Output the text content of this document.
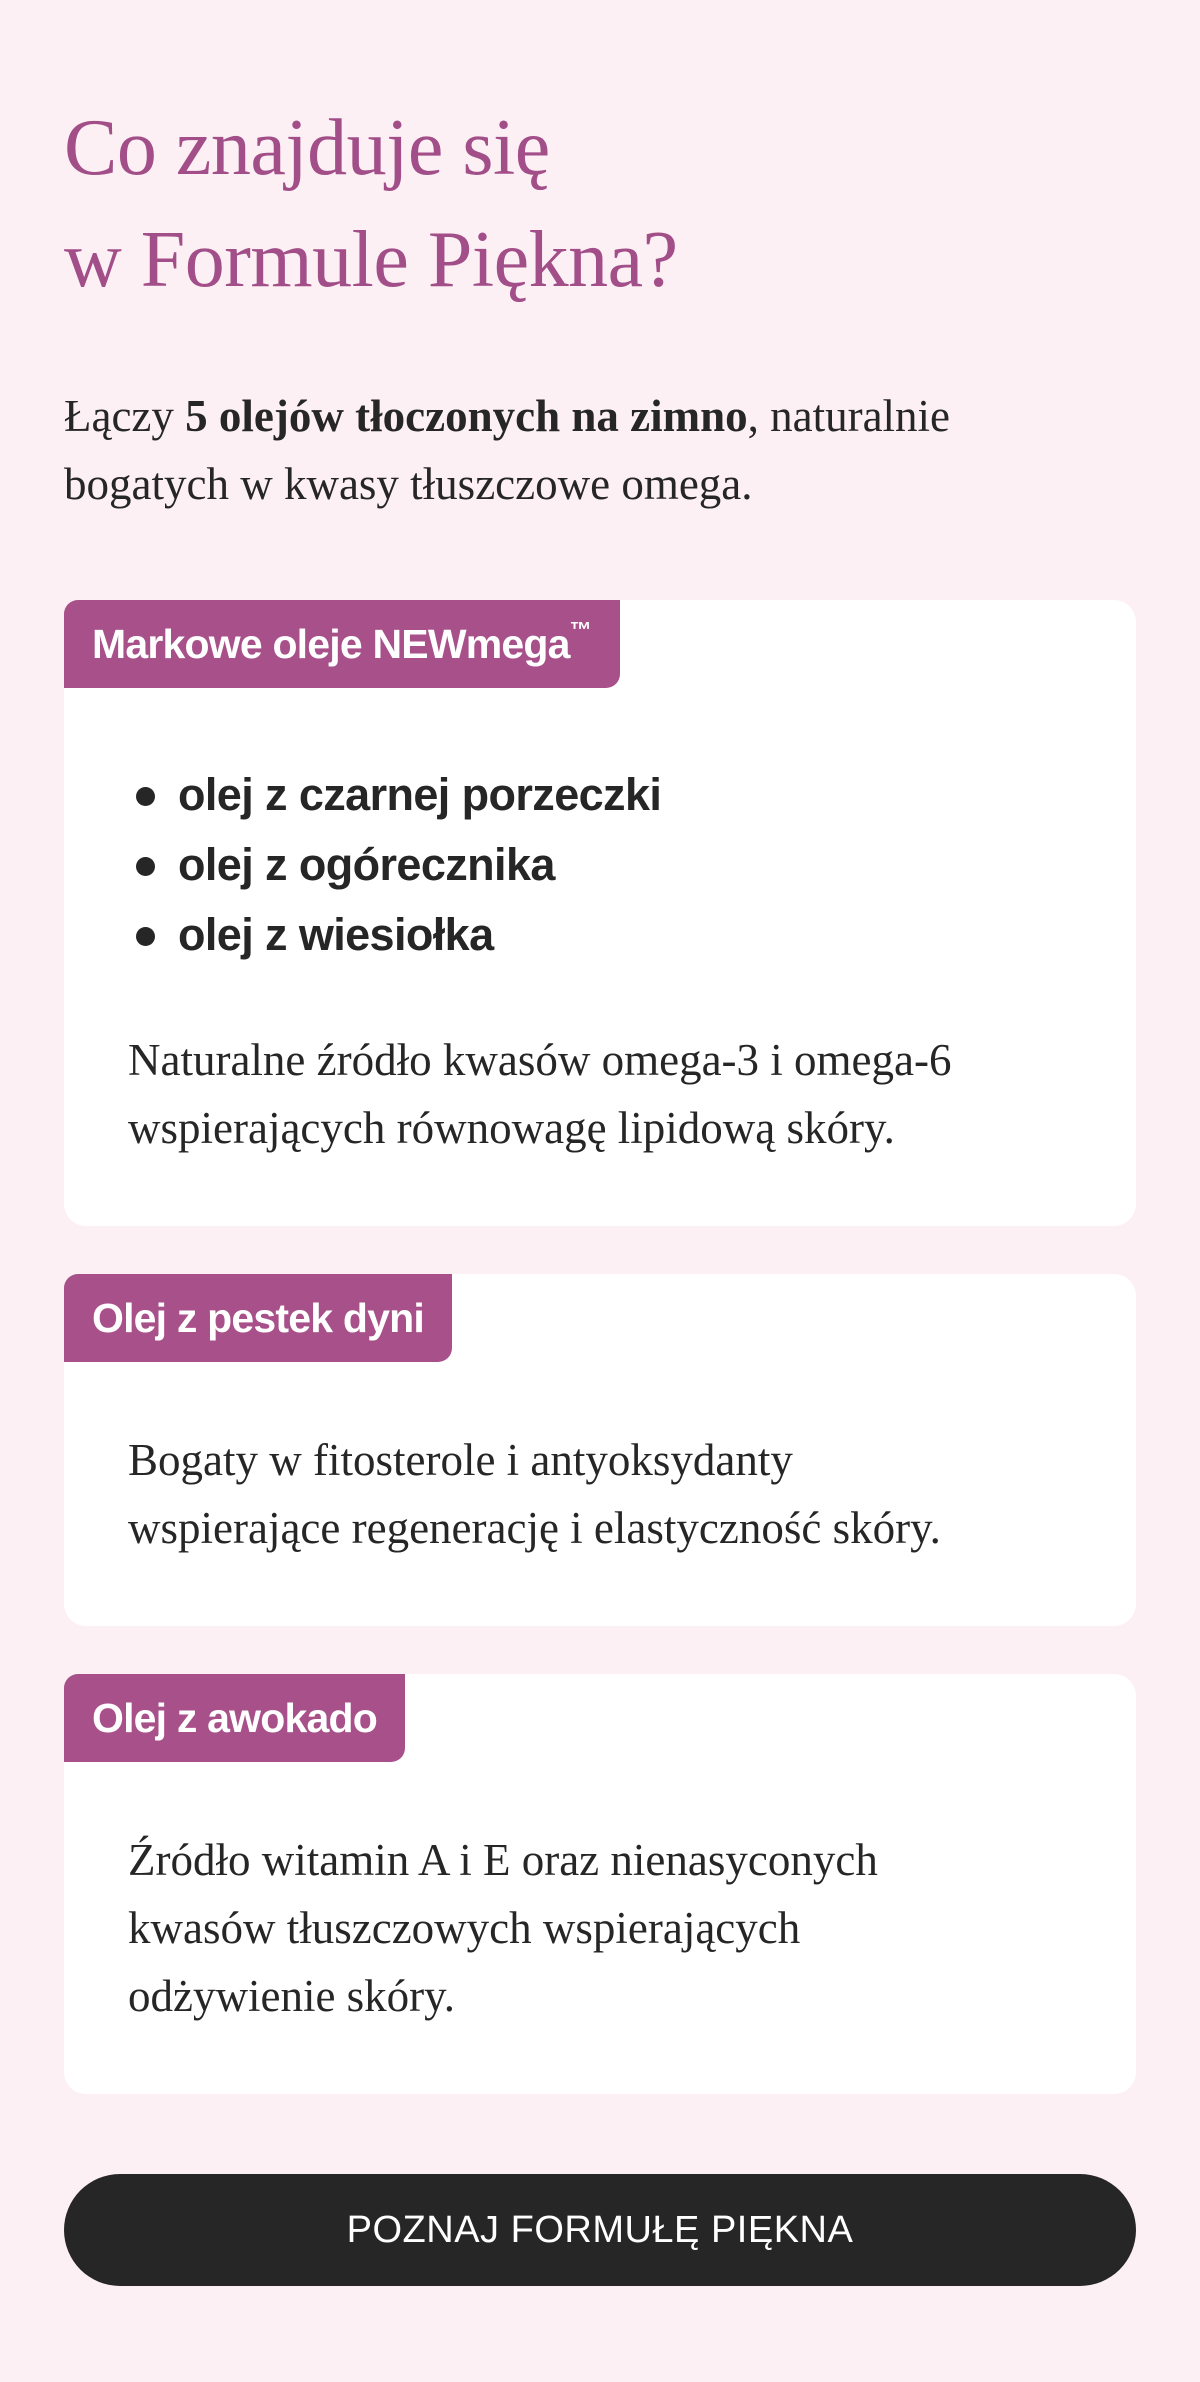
Co znajduje się
w Formule Piękna?

Łączy 5 olejów tłoczonych na zimno, naturalnie
bogatych w kwasy tłuszczowe omega.

Markowe oleje NEWmega™
olej z czarnej porzeczki
olej z ogórecznika
olej z wiesiołka

Naturalne źródło kwasów omega-3 i omega-6
wspierających równowagę lipidową skóry.

Olej z pestek dyni

Bogaty w fitosterole i antyoksydanty
wspierające regenerację i elastyczność skóry.

Olej z awokado

Źródło witamin A i E oraz nienasyconych
kwasów tłuszczowych wspierających
odżywienie skóry.

POZNAJ FORMUŁĘ PIĘKNA
